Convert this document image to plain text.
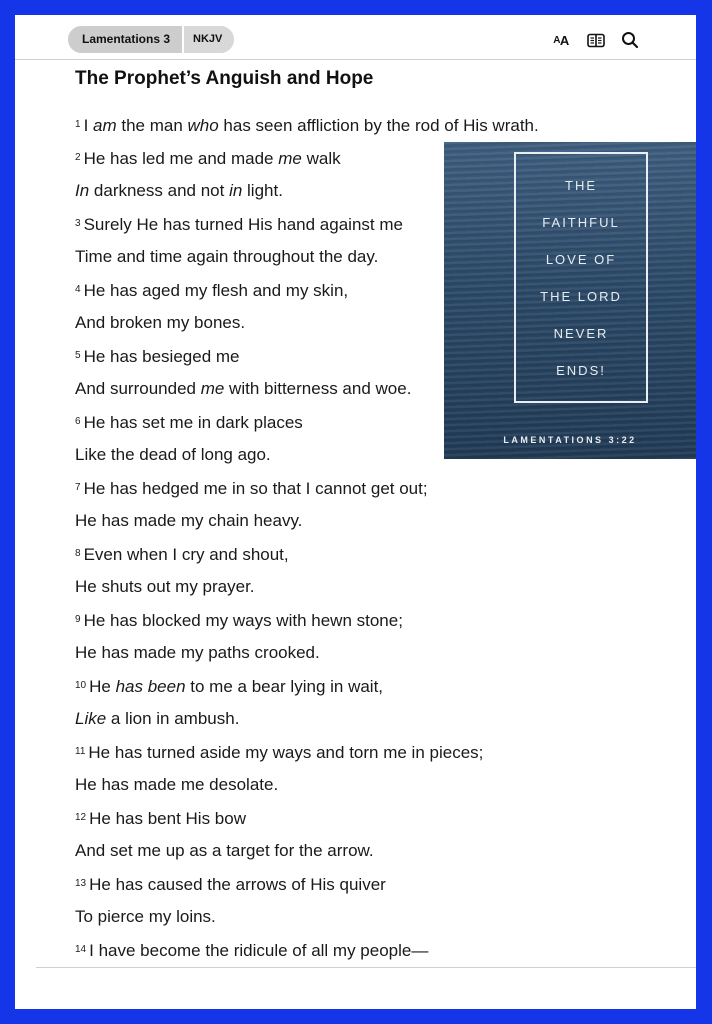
Lamentations 3	NKJV	A A
The Prophet’s Anguish and Hope
$^1$ I am the man who has seen affliction by the rod of His wrath.
$^2$ He has led me and made me walk
In darkness and not in light.
$^3$ Surely He has turned His hand against me
Time and time again throughout the day.
$^4$ He has aged my flesh and my skin,
And broken my bones.
$^5$ He has besieged me
And surrounded me with bitterness and woe.
$^6$ He has set me in dark places
Like the dead of long ago.
$^7$ He has hedged me in so that I cannot get out;
He has made my chain heavy.
$^8$ Even when I cry and shout,
He shuts out my prayer.
$^9$ He has blocked my ways with hewn stone;
He has made my paths crooked.
$^{10}$ He has been to me a bear lying in wait,
Like a lion in ambush.
$^{11}$ He has turned aside my ways and torn me in pieces;
He has made me desolate.
$^{12}$ He has bent His bow
And set me up as a target for the arrow.
$^{13}$ He has caused the arrows of His quiver
To pierce my loins.
$^{14}$ I have become the ridicule of all my people—
LAMENTATIONS 3:22
THE
FAITHFUL
LOVE OF
THE LORD
NEVER
ENDS!
